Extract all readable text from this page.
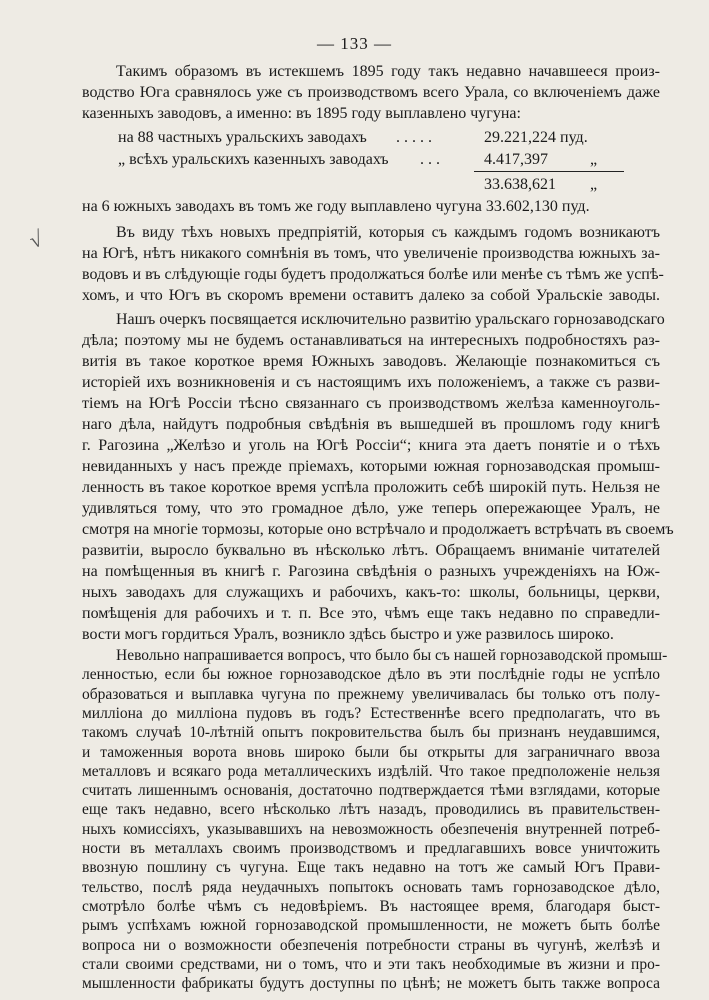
— 133 —
√
Такимъ образомъ въ истекшемъ 1895 году такъ недавно начавшееся произ-
водство Юга сравнялось уже съ производствомъ всего Урала, со включеніемъ даже
казенныхъ заводовъ, а именно: въ 1895 году выплавлено чугуна:
на 88 частныхъ уральскихъ заводахъ . . . . .	29.221,224 пуд.
„ всѣхъ уральскихъ казенныхъ заводахъ . . .	4.417,397	„
33.638,621 „
на 6 южныхъ заводахъ въ томъ же году выплавлено чугуна 33.602,130 пуд.
Въ виду тѣхъ новыхъ предпріятій, которыя съ каждымъ годомъ возникаютъ
на Югѣ, нѣтъ никакого сомнѣнія въ томъ, что увеличеніе производства южныхъ за-
водовъ и въ слѣдующіе годы будетъ продолжаться болѣе или менѣе съ тѣмъ же успѣ-
хомъ, и что Югъ въ скоромъ времени оставитъ далеко за собой Уральскіе заводы.
Нашъ очеркъ посвящается исключительно развитію уральскаго горнозаводскаго
дѣла; поэтому мы не будемъ останавливаться на интересныхъ подробностяхъ раз-
витія въ такое короткое время Южныхъ заводовъ. Желающіе познакомиться съ
исторіей ихъ возникновенія и съ настоящимъ ихъ положеніемъ, а также съ разви-
тіемъ на Югѣ Россіи тѣсно связаннаго съ производствомъ желѣза каменноуголь-
наго дѣла, найдутъ подробныя свѣдѣнія въ вышедшей въ прошломъ году книгѣ
г. Рагозина „Желѣзо и уголь на Югѣ Россіи“; книга эта даетъ понятіе и о тѣхъ
невиданныхъ у насъ прежде пріемахъ, которыми южная горнозаводская промыш-
ленность въ такое короткое время успѣла проложить себѣ широкій путь. Нельзя не
удивляться тому, что это громадное дѣло, уже теперь опережающее Уралъ, не
смотря на многіе тормозы, которые оно встрѣчало и продолжаетъ встрѣчать въ своемъ
развитіи, выросло буквально въ нѣсколько лѣтъ. Обращаемъ вниманіе читателей
на помѣщенныя въ книгѣ г. Рагозина свѣдѣнія о разныхъ учрежденіяхъ на Юж-
ныхъ заводахъ для служащихъ и рабочихъ, какъ-то: школы, больницы, церкви,
помѣщенія для рабочихъ и т. п. Все это, чѣмъ еще такъ недавно по справедли-
вости могъ гордиться Уралъ, возникло здѣсь быстро и уже развилось широко.
Невольно напрашивается вопросъ, что было бы съ нашей горнозаводской промыш-
ленностью, если бы южное горнозаводское дѣло въ эти послѣдніе годы не успѣло
образоваться и выплавка чугуна по прежнему увеличивалась бы только отъ полу-
милліона до милліона пудовъ въ годъ? Естественнѣе всего предполагать, что въ
такомъ случаѣ 10-лѣтній опытъ покровительства былъ бы признанъ неудавшимся,
и таможенныя ворота вновь широко были бы открыты для заграничнаго ввоза
металловъ и всякаго рода металлическихъ издѣлій. Что такое предположеніе нельзя
считать лишеннымъ основанія, достаточно подтверждается тѣми взглядами, которые
еще такъ недавно, всего нѣсколько лѣтъ назадъ, проводились въ правительствен-
ныхъ комиссіяхъ, указывавшихъ на невозможность обезпеченія внутренней потреб-
ности въ металлахъ своимъ производствомъ и предлагавшихъ вовсе уничтожить
ввозную пошлину съ чугуна. Еще такъ недавно на тотъ же самый Югъ Прави-
тельство, послѣ ряда неудачныхъ попытокъ основать тамъ горнозаводское дѣло,
смотрѣло болѣе чѣмъ съ недовѣріемъ. Въ настоящее время, благодаря быст-
рымъ успѣхамъ южной горнозаводской промышленности, не можетъ быть болѣе
вопроса ни о возможности обезпеченія потребности страны въ чугунѣ, желѣзѣ и
стали своими средствами, ни о томъ, что и эти такъ необходимые въ жизни и про-
мышленности фабрикаты будутъ доступны по цѣнѣ; не можетъ быть также вопроса
